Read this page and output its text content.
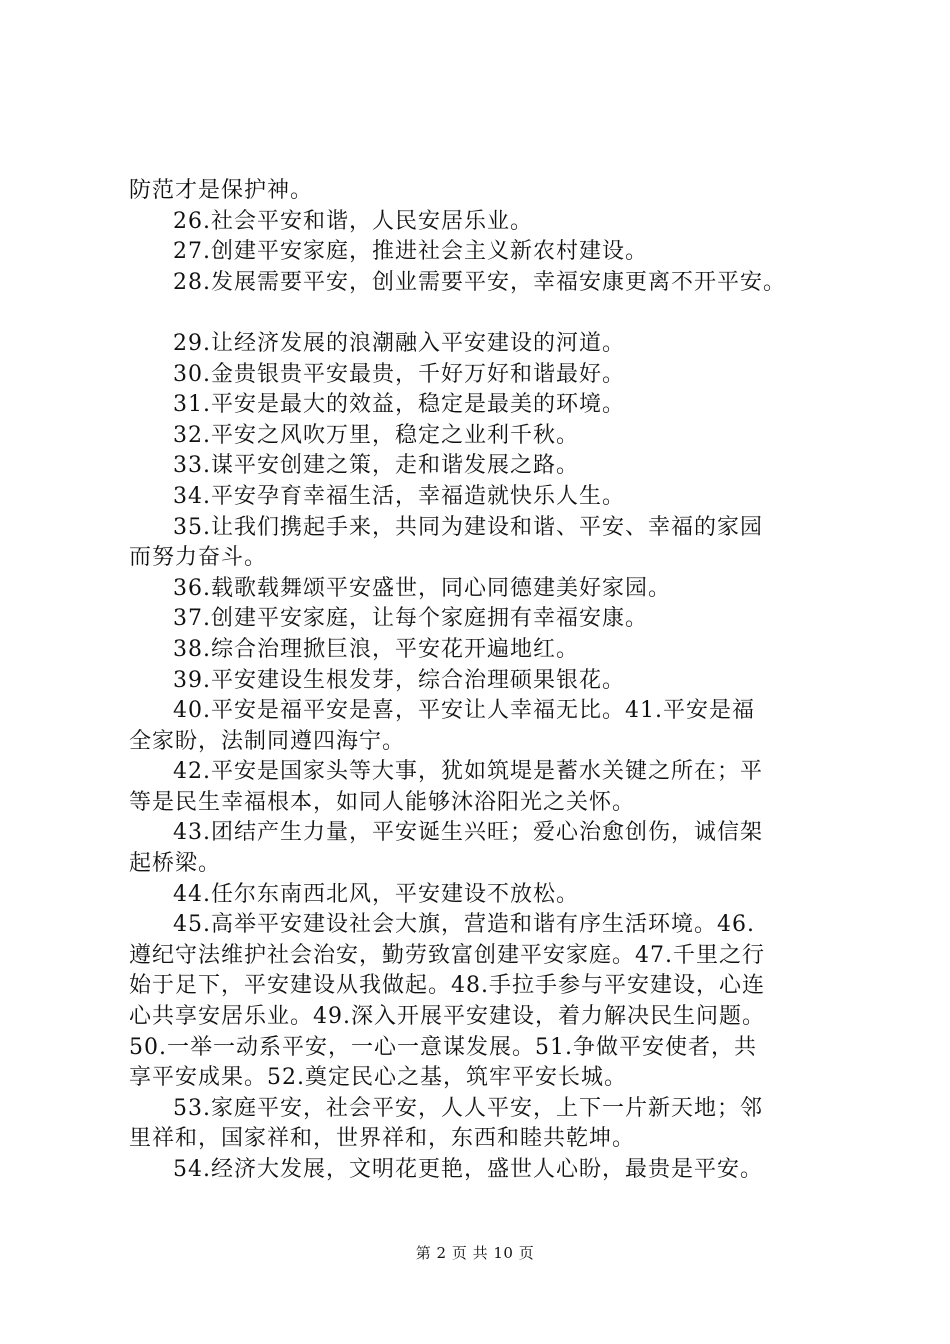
防范才是保护神。
26.社会平安和谐，人民安居乐业。
27.创建平安家庭，推进社会主义新农村建设。
28.发展需要平安，创业需要平安，幸福安康更离不开平安。
29.让经济发展的浪潮融入平安建设的河道。
30.金贵银贵平安最贵，千好万好和谐最好。
31.平安是最大的效益，稳定是最美的环境。
32.平安之风吹万里，稳定之业利千秋。
33.谋平安创建之策，走和谐发展之路。
34.平安孕育幸福生活，幸福造就快乐人生。
35.让我们携起手来，共同为建设和谐、平安、幸福的家园
而努力奋斗。
36.载歌载舞颂平安盛世，同心同德建美好家园。
37.创建平安家庭，让每个家庭拥有幸福安康。
38.综合治理掀巨浪，平安花开遍地红。
39.平安建设生根发芽，综合治理硕果银花。
40.平安是福平安是喜，平安让人幸福无比。41.平安是福
全家盼，法制同遵四海宁。
42.平安是国家头等大事，犹如筑堤是蓄水关键之所在；平
等是民生幸福根本，如同人能够沐浴阳光之关怀。
43.团结产生力量，平安诞生兴旺；爱心治愈创伤，诚信架
起桥梁。
44.任尔东南西北风，平安建设不放松。
45.高举平安建设社会大旗，营造和谐有序生活环境。46.
遵纪守法维护社会治安，勤劳致富创建平安家庭。47.千里之行
始于足下，平安建设从我做起。48.手拉手参与平安建设，心连
心共享安居乐业。49.深入开展平安建设，着力解决民生问题。
50.一举一动系平安，一心一意谋发展。51.争做平安使者，共
享平安成果。52.奠定民心之基，筑牢平安长城。
53.家庭平安，社会平安，人人平安，上下一片新天地；邻
里祥和，国家祥和，世界祥和，东西和睦共乾坤。
54.经济大发展，文明花更艳，盛世人心盼，最贵是平安。
第 2 页 共 10 页
